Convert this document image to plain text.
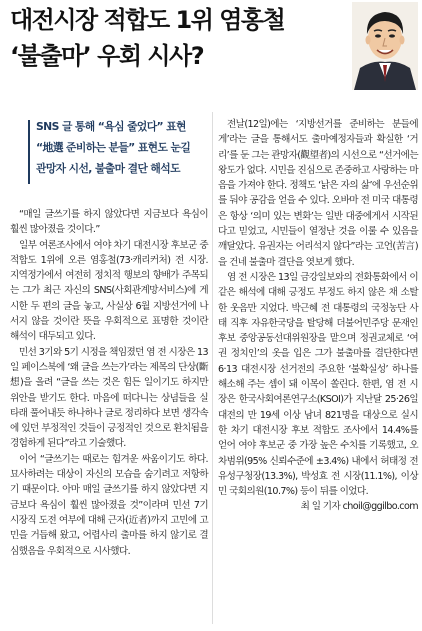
대전시장 적합도 1위 염홍철
‘불출마’ 우회 시사?
SNS 글 통해 “욕심 줄었다” 표현
“地選 준비하는 분들” 표현도 눈길
관망자 시선, 불출마 결단 해석도

“매일 글쓰기를 하지 않았다면 지금보다 욕심이 훨씬 많아졌을 것이다.”

일부 여론조사에서 여야 차기 대전시장 후보군 중 적합도 1위에 오른 염홍철(73·캐리커처) 전 시장. 지역정가에서 여전히 정치적 행보의 향배가 주목되는 그가 최근 자신의 SNS(사회관계망서비스)에 게시한 두 편의 글을 놓고, 사실상 6월 지방선거에 나서지 않을 것이란 뜻을 우회적으로 표명한 것이란 해석이 대두되고 있다.

민선 3기와 5기 시정을 책임졌던 염 전 시장은 13일 페이스북에 ‘왜 글을 쓰는가’라는 제목의 단상(斷想)을 올려 “글을 쓰는 것은 힘든 일이기도 하지만 위안을 받기도 한다. 마음에 떠다니는 상념들을 실타래 풀어내듯 하나하나 글로 정리하다 보면 생각속에 있던 부정적인 것들이 긍정적인 것으로 환치됨을 경험하게 된다”라고 기술했다.

이어 “글쓰기는 때로는 힘겨운 싸움이기도 하다. 묘사하려는 대상이 자신의 모습을 숨기려고 저항하기 때문이다. 아마 매일 글쓰기를 하지 않았다면 지금보다 욕심이 훨씬 많아졌을 것”이라며 민선 7기 시장직 도전 여부에 대해 근자(近者)까지 고민에 고민을 거듭해 왔고, 어렵사리 출마를 하지 않기로 결심했음을 우회적으로 시사했다.

전날(12일)에는 ‘지방선거를 준비하는 분들에게’라는 글을 통해서도 출마예정자들과 확실한 ‘거리’를 둔 그는 관망자(觀望者)의 시선으로 “선거에는 왕도가 없다. 시민을 진심으로 존중하고 사랑하는 마음을 가져야 한다. 정책도 ‘낡은 자의 삶’에 우선순위를 둬야 공감을 얻을 수 있다. 오바마 전 미국 대통령은 항상 ‘의미 있는 변화’는 일반 대중에게서 시작된다고 믿었고, 시민들이 열정난 것을 이룰 수 있음을 깨달았다. 유권자는 어리석지 않다”라는 고언(苦言)을 건네 불출마 결단을 엿보게 했다.

염 전 시장은 13일 금강일보와의 전화통화에서 이 같은 해석에 대해 긍정도 부정도 하지 않은 채 소탈한 웃음만 지었다. 박근혜 전 대통령의 국정농단 사태 직후 자유한국당을 탈당해 더불어민주당 문재인 후보 중앙공동선대위원장을 맡으며 정권교체로 ‘여권 정치인’의 옷을 입은 그가 불출마를 결단한다면 6·13 대전시장 선거전의 주요한 ‘불확실성’ 하나를 해소해 주는 셈이 돼 이목이 쏠린다. 한편, 염 전 시장은 한국사회여론연구소(KSOI)가 지난달 25·26일 대전의 만 19세 이상 남녀 821명을 대상으로 실시한 차기 대전시장 후보 적합도 조사에서 14.4%를 얻어 여야 후보군 중 가장 높은 수치를 기록했고, 오차범위(95% 신뢰수준에 ±3.4%) 내에서 허태정 전 유성구청장(13.3%), 박성효 전 시장(11.1%), 이상민 국회의원(10.7%) 등이 뒤를 이었다.

최 일 기자 choil@ggilbo.com
